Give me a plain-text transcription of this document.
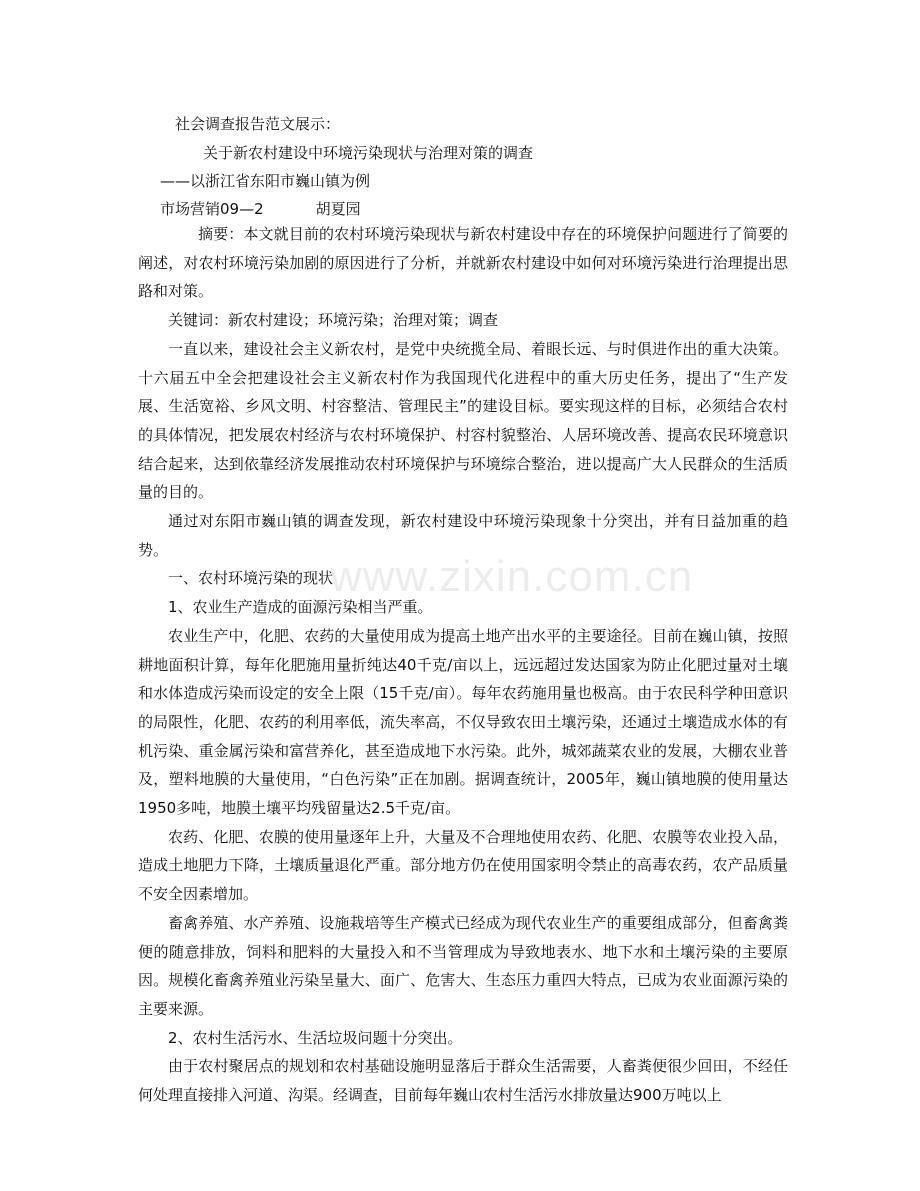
www.zixin.com.cn
社会调查报告范文展示：
关于新农村建设中环境污染现状与治理对策的调查
——以浙江省东阳市巍山镇为例
市场营销09—2	胡夏园

摘要：本文就目前的农村环境污染现状与新农村建设中存在的环境保护问题进行了简要的阐述，对农村环境污染加剧的原因进行了分析，并就新农村建设中如何对环境污染进行治理提出思路和对策。

关键词：新农村建设；环境污染；治理对策；调查

一直以来，建设社会主义新农村，是党中央统揽全局、着眼长远、与时俱进作出的重大决策。十六届五中全会把建设社会主义新农村作为我国现代化进程中的重大历史任务，提出了“生产发展、生活宽裕、乡风文明、村容整洁、管理民主”的建设目标。要实现这样的目标，必须结合农村的具体情况，把发展农村经济与农村环境保护、村容村貌整治、人居环境改善、提高农民环境意识结合起来，达到依靠经济发展推动农村环境保护与环境综合整治，进以提高广大人民群众的生活质量的目的。

通过对东阳市巍山镇的调查发现，新农村建设中环境污染现象十分突出，并有日益加重的趋势。

一、农村环境污染的现状

1、农业生产造成的面源污染相当严重。

农业生产中，化肥、农药的大量使用成为提高土地产出水平的主要途径。目前在巍山镇，按照耕地面积计算，每年化肥施用量折纯达40千克/亩以上，远远超过发达国家为防止化肥过量对土壤和水体造成污染而设定的安全上限（15千克/亩）。每年农药施用量也极高。由于农民科学种田意识的局限性，化肥、农药的利用率低，流失率高，不仅导致农田土壤污染，还通过土壤造成水体的有机污染、重金属污染和富营养化，甚至造成地下水污染。此外，城郊蔬菜农业的发展，大棚农业普及，塑料地膜的大量使用，“白色污染”正在加剧。据调查统计，2005年，巍山镇地膜的使用量达1950多吨，地膜土壤平均残留量达2.5千克/亩。

农药、化肥、农膜的使用量逐年上升，大量及不合理地使用农药、化肥、农膜等农业投入品，造成土地肥力下降，土壤质量退化严重。部分地方仍在使用国家明令禁止的高毒农药，农产品质量不安全因素增加。

畜禽养殖、水产养殖、设施栽培等生产模式已经成为现代农业生产的重要组成部分，但畜禽粪便的随意排放，饲料和肥料的大量投入和不当管理成为导致地表水、地下水和土壤污染的主要原因。规模化畜禽养殖业污染呈量大、面广、危害大、生态压力重四大特点，已成为农业面源污染的主要来源。

2、农村生活污水、生活垃圾问题十分突出。

由于农村聚居点的规划和农村基础设施明显落后于群众生活需要，人畜粪便很少回田，不经任何处理直接排入河道、沟渠。经调查，目前每年巍山农村生活污水排放量达900万吨以上
